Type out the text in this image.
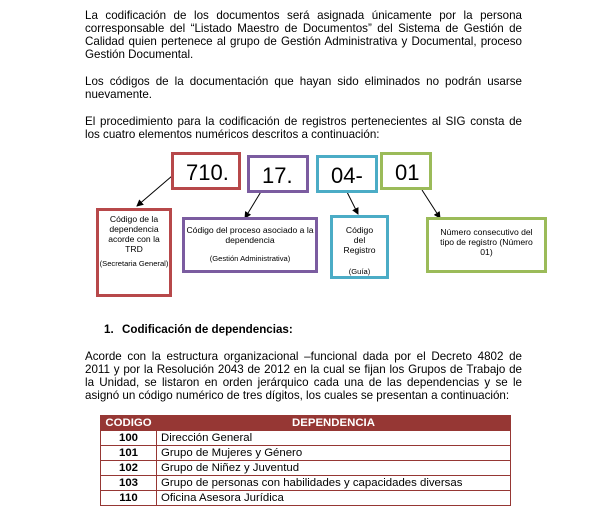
La codificación de los documentos será asignada únicamente por la persona corresponsable del “Listado Maestro de Documentos” del Sistema de Gestión de Calidad quien pertenece al grupo de Gestión Administrativa y Documental, proceso Gestión Documental.

Los códigos de la documentación que hayan sido eliminados no podrán usarse nuevamente.

El procedimiento para la codificación de registros pertenecientes al SIG consta de los cuatro elementos numéricos descritos a continuación:

710.	17.	04-	01
Código de la dependencia acorde con la TRD
(Secretaria General)
Código del proceso asociado a la dependencia
(Gestión Administrativa)
Código del Registro
(Guía)
Número consecutivo del tipo de registro (Número 01)
1. Codificación de dependencias:

Acorde con la estructura organizacional –funcional dada por el Decreto 4802 de 2011 y por la Resolución 2043 de 2012 en la cual se fijan los Grupos de Trabajo de la Unidad, se listaron en orden jerárquico cada una de las dependencias y se le asignó un código numérico de tres dígitos, los cuales se presentan a continuación:

CODIGO	DEPENDENCIA
100	Dirección General
101	Grupo de Mujeres y Género
102	Grupo de Niñez y Juventud
103	Grupo de personas con habilidades y capacidades diversas
110	Oficina Asesora Jurídica
